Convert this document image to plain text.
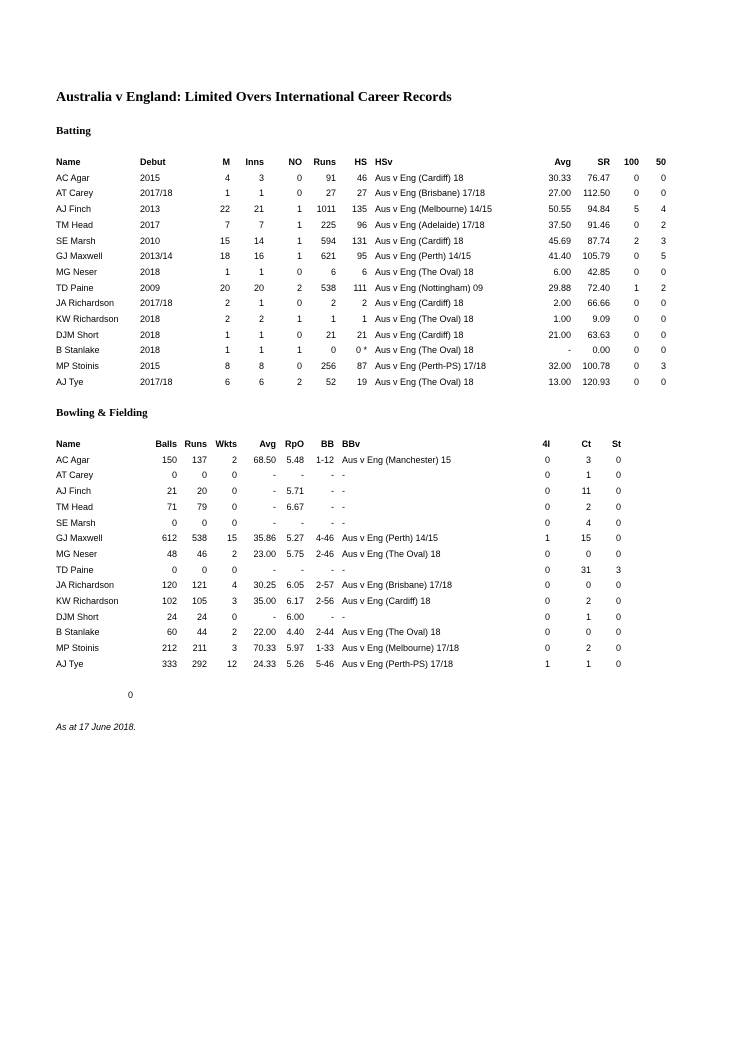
Australia v England: Limited Overs International Career Records
Batting
Name	Debut	M	Inns	NO	Runs	HS		HSv	Avg	SR	100	50
AC Agar	2015	4	3	0	91	46		Aus v Eng (Cardiff) 18	30.33	76.47	0	0
AT Carey	2017/18	1	1	0	27	27		Aus v Eng (Brisbane) 17/18	27.00	112.50	0	0
AJ Finch	2013	22	21	1	1011	135		Aus v Eng (Melbourne) 14/15	50.55	94.84	5	4
TM Head	2017	7	7	1	225	96		Aus v Eng (Adelaide) 17/18	37.50	91.46	0	2
SE Marsh	2010	15	14	1	594	131		Aus v Eng (Cardiff) 18	45.69	87.74	2	3
GJ Maxwell	2013/14	18	16	1	621	95		Aus v Eng (Perth) 14/15	41.40	105.79	0	5
MG Neser	2018	1	1	0	6	6		Aus v Eng (The Oval) 18	6.00	42.85	0	0
TD Paine	2009	20	20	2	538	111		Aus v Eng (Nottingham) 09	29.88	72.40	1	2
JA Richardson	2017/18	2	1	0	2	2		Aus v Eng (Cardiff) 18	2.00	66.66	0	0
KW Richardson	2018	2	2	1	1	1		Aus v Eng (The Oval) 18	1.00	9.09	0	0
DJM Short	2018	1	1	0	21	21		Aus v Eng (Cardiff) 18	21.00	63.63	0	0
B Stanlake	2018	1	1	1	0	0 *		Aus v Eng (The Oval) 18	-	0.00	0	0
MP Stoinis	2015	8	8	0	256	87		Aus v Eng (Perth-PS) 17/18	32.00	100.78	0	3
AJ Tye	2017/18	6	6	2	52	19		Aus v Eng (The Oval) 18	13.00	120.93	0	0
Bowling & Fielding
Name	Balls	Runs	Wkts	Avg	RpO	BB		BBv	4I	Ct	St
AC Agar	150	137	2	68.50	5.48	1-12		Aus v Eng (Manchester) 15	0	3	0
AT Carey	0	0	0	-	-	-		-	0	1	0
AJ Finch	21	20	0	-	5.71	-		-	0	11	0
TM Head	71	79	0	-	6.67	-		-	0	2	0
SE Marsh	0	0	0	-	-	-		-	0	4	0
GJ Maxwell	612	538	15	35.86	5.27	4-46		Aus v Eng (Perth) 14/15	1	15	0
MG Neser	48	46	2	23.00	5.75	2-46		Aus v Eng (The Oval) 18	0	0	0
TD Paine	0	0	0	-	-	-		-	0	31	3
JA Richardson	120	121	4	30.25	6.05	2-57		Aus v Eng (Brisbane) 17/18	0	0	0
KW Richardson	102	105	3	35.00	6.17	2-56		Aus v Eng (Cardiff) 18	0	2	0
DJM Short	24	24	0	-	6.00	-		-	0	1	0
B Stanlake	60	44	2	22.00	4.40	2-44		Aus v Eng (The Oval) 18	0	0	0
MP Stoinis	212	211	3	70.33	5.97	1-33		Aus v Eng (Melbourne) 17/18	0	2	0
AJ Tye	333	292	12	24.33	5.26	5-46		Aus v Eng (Perth-PS) 17/18	1	1	0
0
As at 17 June 2018.
